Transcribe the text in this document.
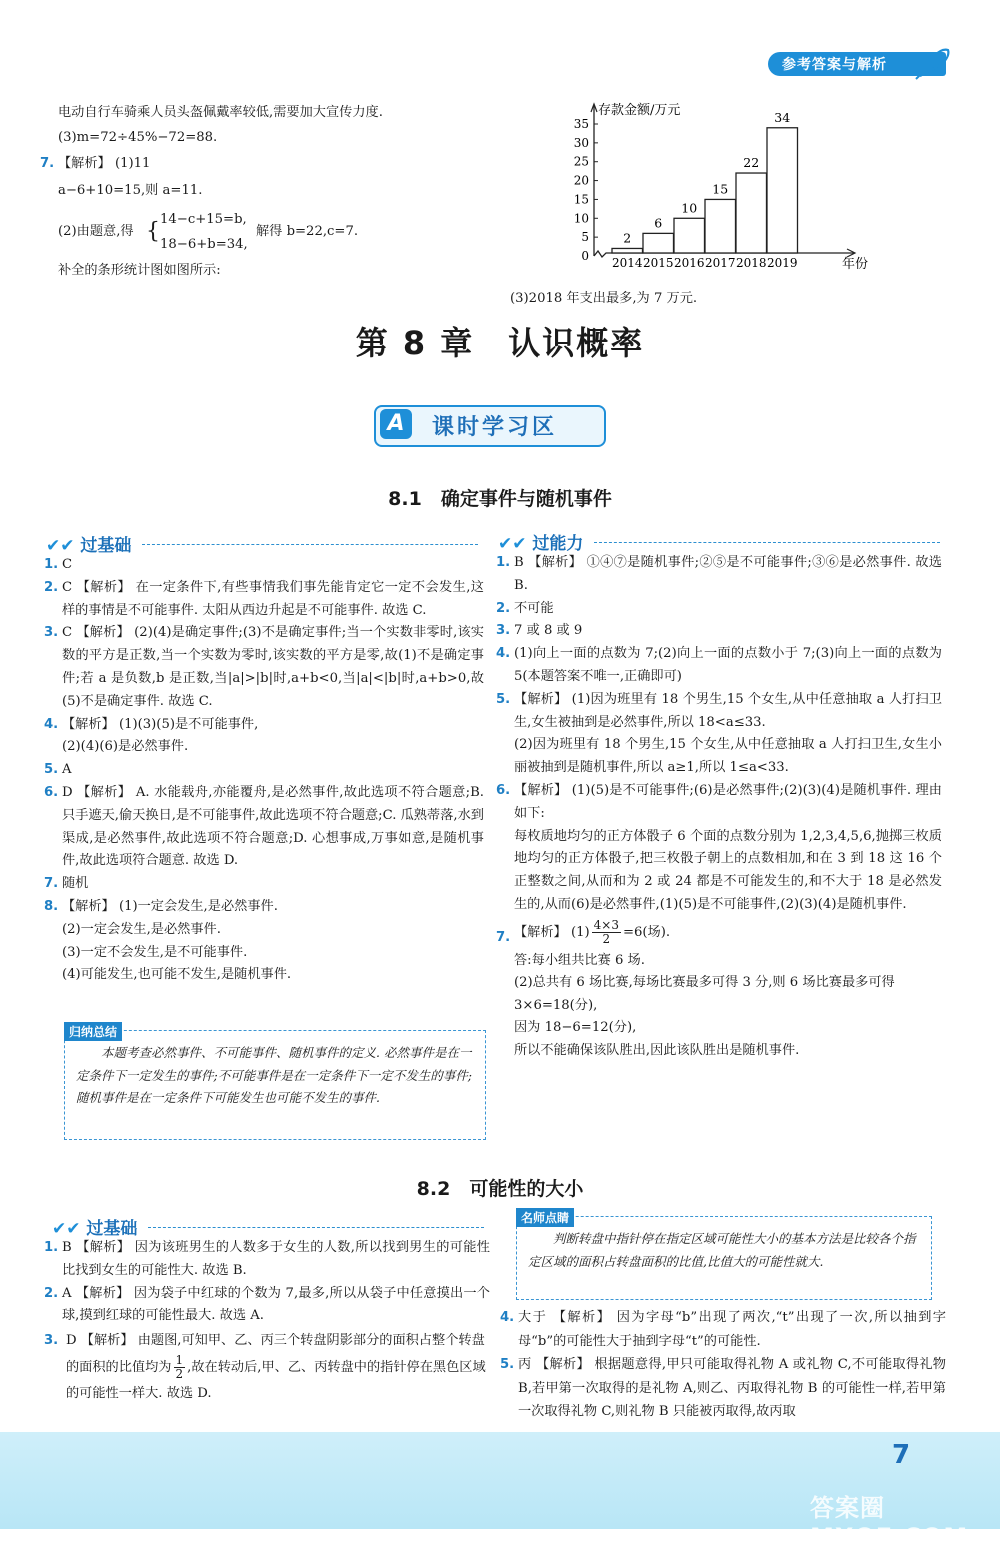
参考答案与解析
电动自行车骑乘人员头盔佩戴率较低,需要加大宣传力度.
(3)m=72÷45%−72=88.
7. 【解析】 (1)11
a−6+10=15,则 a=11.
(2)由题意,得 { 14−c+15=b,
18−6+b=34,
解得 b=22,c=7.
补全的条形统计图如图所示:
(3)2018 年支出最多,为 7 万元.
0
5
10
15
20
25
30
35
存款金额/万元
年份
2
2014
6
2015
10
2016
15
2017
22
2018
34
2019
第 8 章　认识概率
A	课时学习区
8.1　确定事件与随机事件
✔✔ 过基础	✔✔ 过能力
1. C
2. C 【解析】 在一定条件下,有些事情我们事先能肯定它一定不会发生,这样的事情是不可能事件. 太阳从西边升起是不可能事件. 故选 C.
3. C 【解析】 (2)(4)是确定事件;(3)不是确定事件;当一个实数非零时,该实数的平方是正数,当一个实数为零时,该实数的平方是零,故(1)不是确定事件;若 a 是负数,b 是正数,当|a|>|b|时,a+b<0,当|a|<|b|时,a+b>0,故(5)不是确定事件. 故选 C.
4. 【解析】 (1)(3)(5)是不可能事件,
(2)(4)(6)是必然事件.
5. A
6. D 【解析】 A. 水能载舟,亦能覆舟,是必然事件,故此选项不符合题意;B. 只手遮天,偷天换日,是不可能事件,故此选项不符合题意;C. 瓜熟蒂落,水到渠成,是必然事件,故此选项不符合题意;D. 心想事成,万事如意,是随机事件,故此选项符合题意. 故选 D.
7. 随机
8. 【解析】 (1)一定会发生,是必然事件.
(2)一定会发生,是必然事件.
(3)一定不会发生,是不可能事件.
(4)可能发生,也可能不发生,是随机事件.
归纳总结
本题考查必然事件、不可能事件、随机事件的定义. 必然事件是在一定条件下一定发生的事件;不可能事件是在一定条件下一定不发生的事件;随机事件是在一定条件下可能发生也可能不发生的事件.
1. B 【解析】 ①④⑦是随机事件;②⑤是不可能事件;③⑥是必然事件. 故选 B.
2. 不可能
3. 7 或 8 或 9
4. (1)向上一面的点数为 7;(2)向上一面的点数小于 7;(3)向上一面的点数为 5(本题答案不唯一,正确即可)
5. 【解析】 (1)因为班里有 18 个男生,15 个女生,从中任意抽取 a 人打扫卫生,女生被抽到是必然事件,所以 18<a≤33.
(2)因为班里有 18 个男生,15 个女生,从中任意抽取 a 人打扫卫生,女生小丽被抽到是随机事件,所以 a≥1,所以 1≤a<33.
6. 【解析】 (1)(5)是不可能事件;(6)是必然事件;(2)(3)(4)是随机事件. 理由如下:
每枚质地均匀的正方体骰子 6 个面的点数分别为 1,2,3,4,5,6,抛掷三枚质地均匀的正方体骰子,把三枚骰子朝上的点数相加,和在 3 到 18 这 16 个正整数之间,从而和为 2 或 24 都是不可能发生的,和不大于 18 是必然发生的,从而(6)是必然事件,(1)(5)是不可能事件,(2)(3)(4)是随机事件.
7. 【解析】 $(1) \frac{4\times 3}{2} =6$(场).
答:每小组共比赛 6 场.
(2)总共有 6 场比赛,每场比赛最多可得 3 分,则 6 场比赛最多可得 3×6=18(分),
因为 18−6=12(分),
所以不能确保该队胜出,因此该队胜出是随机事件.
8.2　可能性的大小
✔✔ 过基础
1. B 【解析】 因为该班男生的人数多于女生的人数,所以找到男生的可能性比找到女生的可能性大. 故选 B.
2. A 【解析】 因为袋子中红球的个数为 7,最多,所以从袋子中任意摸出一个球,摸到红球的可能性最大. 故选 A.
3. D 【解析】 由题图,可知甲、乙、丙三个转盘阴影部分的面积占整个转盘的面积的比值均为 $\frac{1}{2}$ ,故在转动后,甲、乙、丙转盘中的指针停在黑色区域的可能性一样大. 故选 D.
名师点睛
判断转盘中指针停在指定区域可能性大小的基本方法是比较各个指定区域的面积占转盘面积的比值,比值大的可能性就大.
4. 大于 【解析】 因为字母“b”出现了两次,“t”出现了一次,所以抽到字母“b”的可能性大于抽到字母“t”的可能性.
5. 丙 【解析】 根据题意得,甲只可能取得礼物 A 或礼物 C,不可能取得礼物 B,若甲第一次取得的是礼物 A,则乙、丙取得礼物 B 的可能性一样,若甲第一次取得礼物 C,则礼物 B 只能被丙取得,故丙取
7
答案圈 MXQE.COM
